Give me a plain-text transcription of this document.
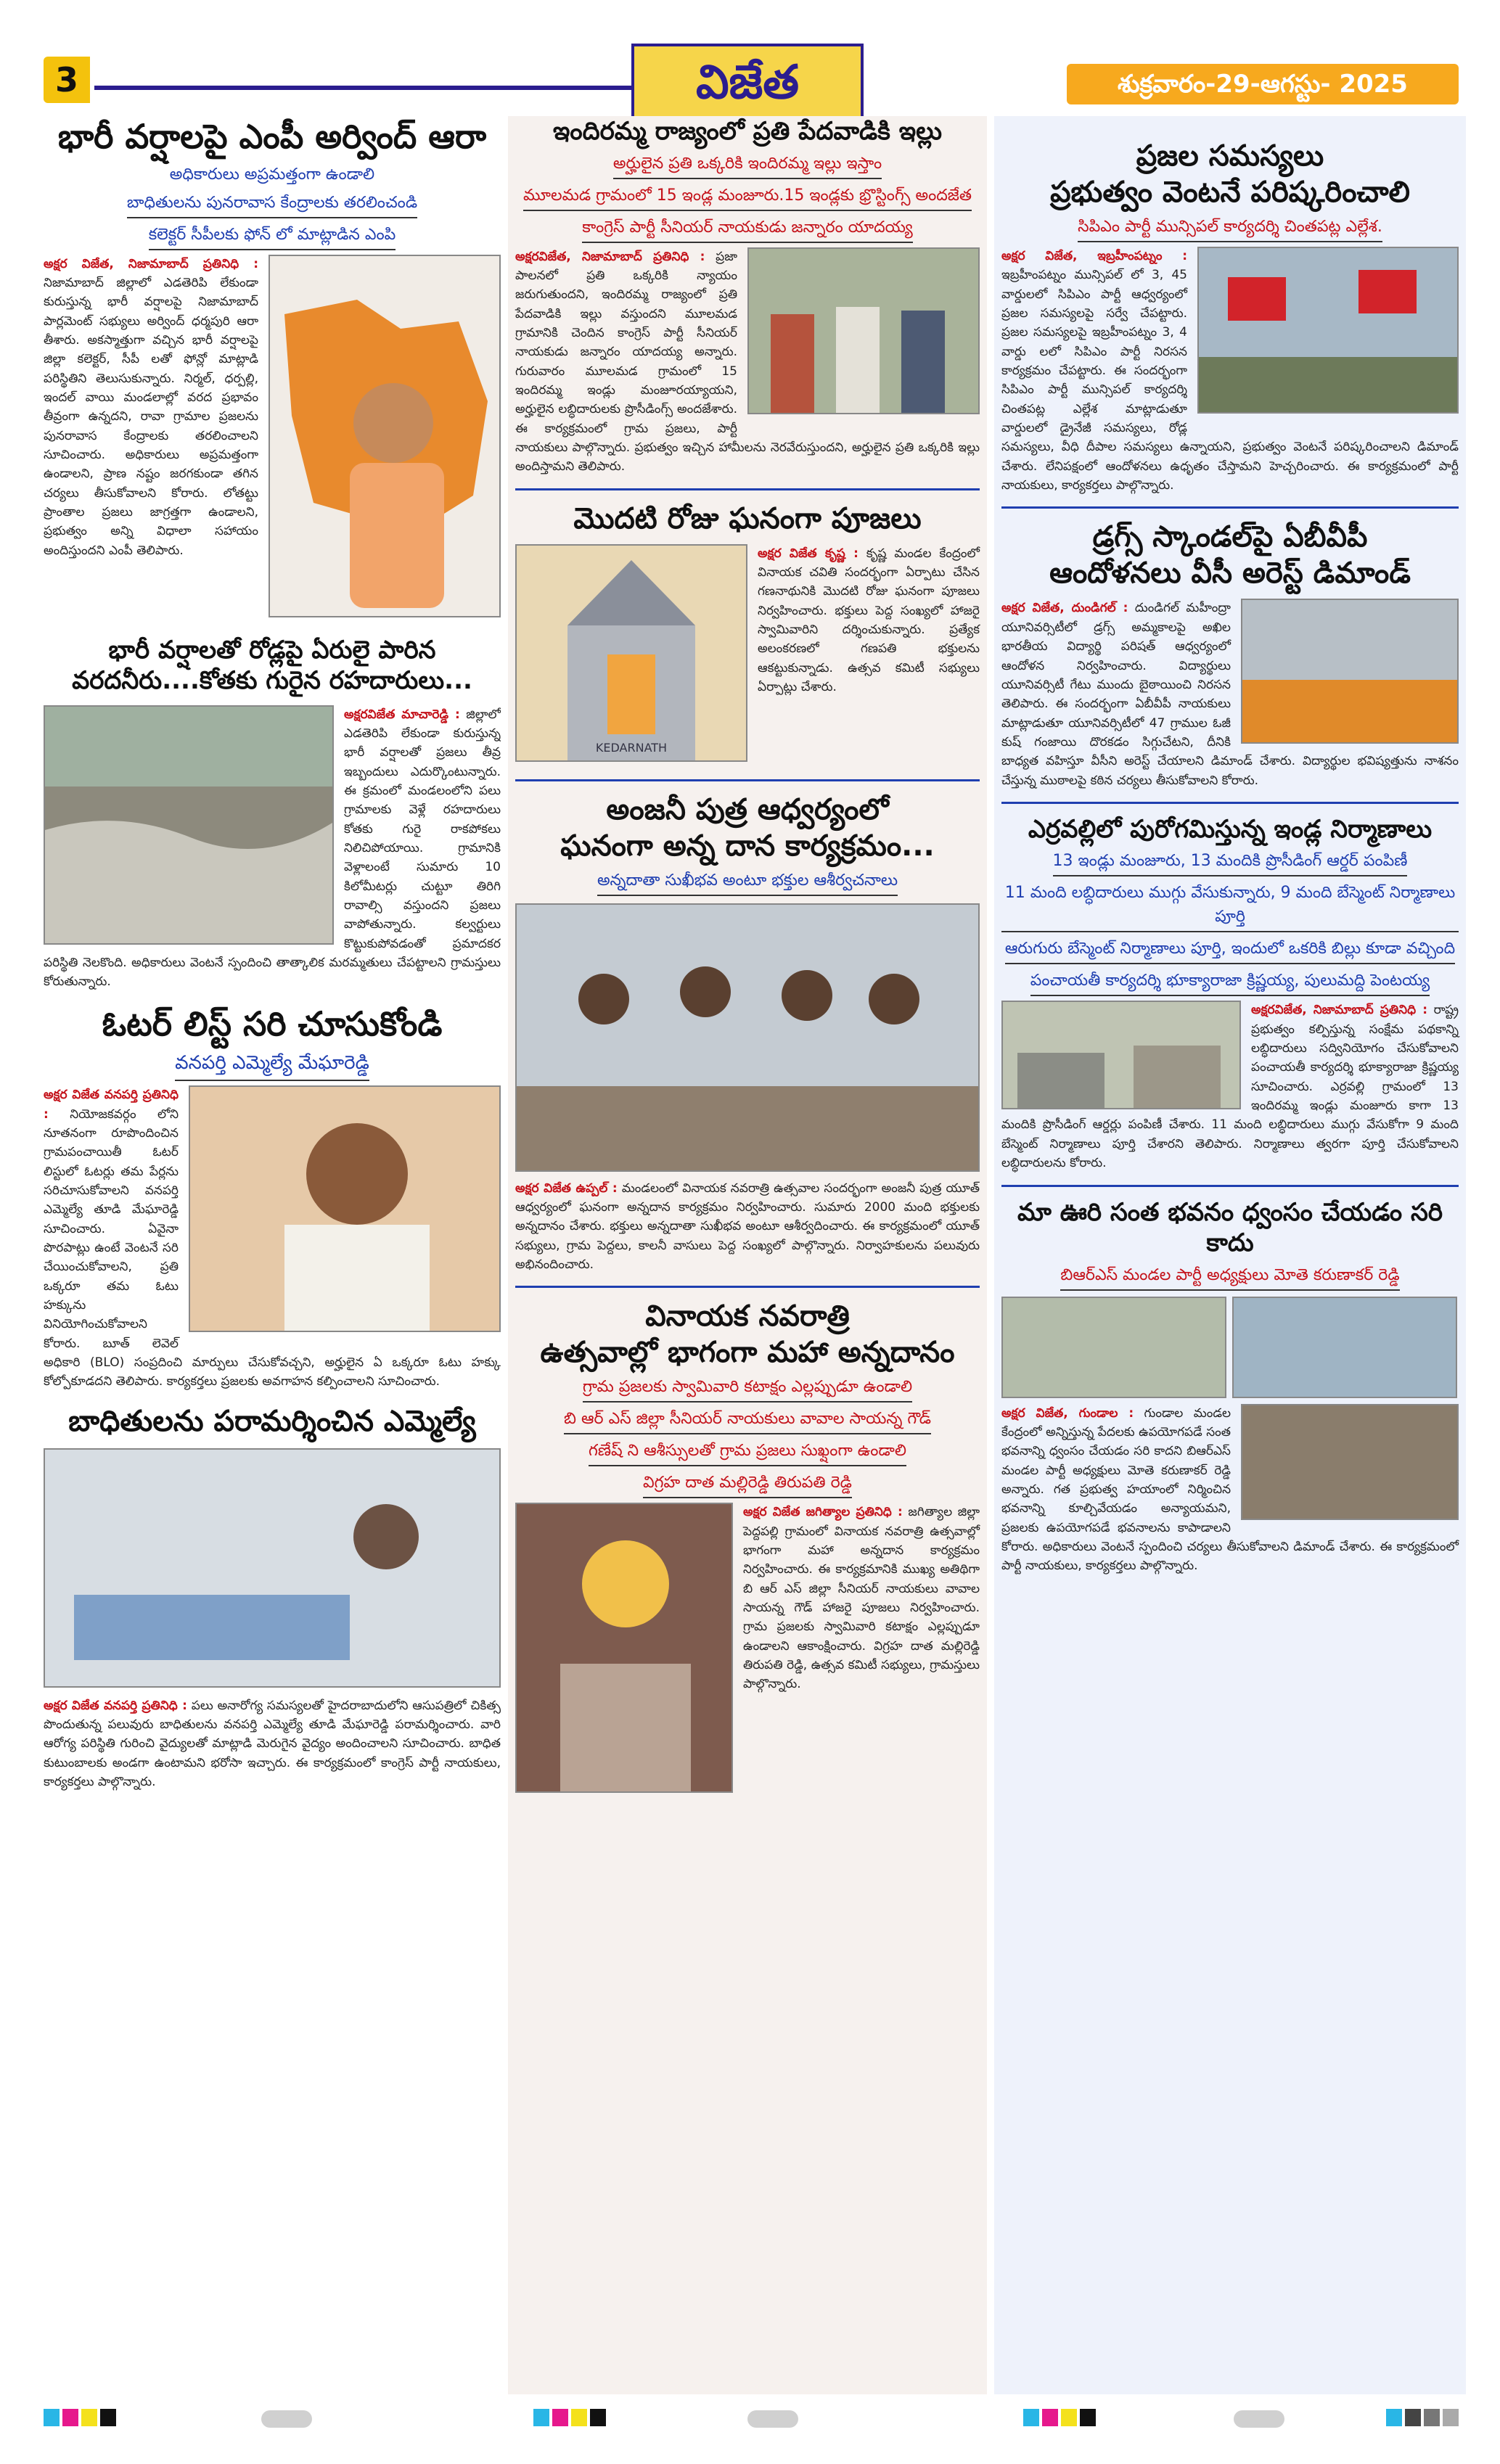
3	విజేత	శుక్రవారం-29-ఆగస్టు- 2025
భారీ వర్షాలపై ఎంపీ అర్వింద్ ఆరా
అధికారులు అప్రమత్తంగా ఉండాలి
బాధితులను పునరావాస కేంద్రాలకు తరలించండి
కలెక్టర్ సీపీలకు ఫోన్ లో మాట్లాడిన ఎంపి
అక్షర విజేత, నిజామాబాద్ ప్రతినిధి : నిజామాబాద్ జిల్లాలో ఎడతెరిపి లేకుండా కురుస్తున్న భారీ వర్షాలపై నిజామాబాద్ పార్లమెంట్ సభ్యులు అర్వింద్ ధర్మపురి ఆరా తీశారు. అకస్మాత్తుగా వచ్చిన భారీ వర్షాలపై జిల్లా కలెక్టర్, సీపీ లతో ఫోన్లో మాట్లాడి పరిస్థితిని తెలుసుకున్నారు. నిర్మల్, ధర్పల్లి, ఇందల్ వాయి మండలాల్లో వరద ప్రభావం తీవ్రంగా ఉన్నదని, రావా గ్రామాల ప్రజలను పునరావాస కేంద్రాలకు తరలించాలని సూచించారు. అధికారులు అప్రమత్తంగా ఉండాలని, ప్రాణ నష్టం జరగకుండా తగిన చర్యలు తీసుకోవాలని కోరారు. లోతట్టు ప్రాంతాల ప్రజలు జాగ్రత్తగా ఉండాలని, ప్రభుత్వం అన్ని విధాలా సహాయం అందిస్తుందని ఎంపీ తెలిపారు.
భారీ వర్షాలతో రోడ్లపై ఏరులై పారిన
వరదనీరు....కోతకు గురైన రహదారులు...
అక్షరవిజేత మాచారెడ్డి : జిల్లాలో ఎడతెరిపి లేకుండా కురుస్తున్న భారీ వర్షాలతో ప్రజలు తీవ్ర ఇబ్బందులు ఎదుర్కొంటున్నారు. ఈ క్రమంలో మండలంలోని పలు గ్రామాలకు వెళ్లే రహదారులు కోతకు గురై రాకపోకలు నిలిచిపోయాయి. గ్రామానికి వెళ్లాలంటే సుమారు 10 కిలోమీటర్లు చుట్టూ తిరిగి రావాల్సి వస్తుందని ప్రజలు వాపోతున్నారు. కల్వర్టులు కొట్టుకుపోవడంతో ప్రమాదకర పరిస్థితి నెలకొంది. అధికారులు వెంటనే స్పందించి తాత్కాలిక మరమ్మతులు చేపట్టాలని గ్రామస్తులు కోరుతున్నారు.
ఓటర్ లిస్ట్ సరి చూసుకోండి
వనపర్తి ఎమ్మెల్యే మేఘారెడ్డి
అక్షర విజేత వనపర్తి ప్రతినిధి : నియోజకవర్గం లోని నూతనంగా రూపొందించిన గ్రామపంచాయితీ ఓటర్ లిస్టులో ఓటర్లు తమ పేర్లను సరిచూసుకోవాలని వనపర్తి ఎమ్మెల్యే తూడి మేఘారెడ్డి సూచించారు. ఏవైనా పొరపాట్లు ఉంటే వెంటనే సరి చేయించుకోవాలని, ప్రతి ఒక్కరూ తమ ఓటు హక్కును వినియోగించుకోవాలని కోరారు. బూత్ లెవెల్ అధికారి (BLO) సంప్రదించి మార్పులు చేసుకోవచ్చని, అర్హులైన ఏ ఒక్కరూ ఓటు హక్కు కోల్పోకూడదని తెలిపారు. కార్యకర్తలు ప్రజలకు అవగాహన కల్పించాలని సూచించారు.
బాధితులను పరామర్శించిన ఎమ్మెల్యే
అక్షర విజేత వనపర్తి ప్రతినిధి : పలు అనారోగ్య సమస్యలతో హైదరాబాదులోని ఆసుపత్రిలో చికిత్స పొందుతున్న పలువురు బాధితులను వనపర్తి ఎమ్మెల్యే తూడి మేఘారెడ్డి పరామర్శించారు. వారి ఆరోగ్య పరిస్థితి గురించి వైద్యులతో మాట్లాడి మెరుగైన వైద్యం అందించాలని సూచించారు. బాధిత కుటుంబాలకు అండగా ఉంటామని భరోసా ఇచ్చారు. ఈ కార్యక్రమంలో కాంగ్రెస్ పార్టీ నాయకులు, కార్యకర్తలు పాల్గొన్నారు.
ఇందిరమ్మ రాజ్యంలో ప్రతి పేదవాడికి ఇల్లు
అర్హులైన ప్రతి ఒక్కరికి ఇందిరమ్మ ఇల్లు ఇస్తాం
మూలమడ గ్రామంలో 15 ఇండ్ల మంజూరు.15 ఇండ్లకు భ్రొస్టింగ్స్ అందజేత
కాంగ్రెస్ పార్టీ సీనియర్ నాయకుడు జన్నారం యాదయ్య
అక్షరవిజేత, నిజామాబాద్ ప్రతినిధి : ప్రజా పాలనలో ప్రతి ఒక్కరికి న్యాయం జరుగుతుందని, ఇందిరమ్మ రాజ్యంలో ప్రతి పేదవాడికి ఇల్లు వస్తుందని మూలమడ గ్రామానికి చెందిన కాంగ్రెస్ పార్టీ సీనియర్ నాయకుడు జన్నారం యాదయ్య అన్నారు. గురువారం మూలమడ గ్రామంలో 15 ఇందిరమ్మ ఇండ్లు మంజూరయ్యాయని, అర్హులైన లబ్ధిదారులకు ప్రొసీడింగ్స్ అందజేశారు. ఈ కార్యక్రమంలో గ్రామ ప్రజలు, పార్టీ నాయకులు పాల్గొన్నారు. ప్రభుత్వం ఇచ్చిన హామీలను నెరవేరుస్తుందని, అర్హులైన ప్రతి ఒక్కరికి ఇల్లు అందిస్తామని తెలిపారు.
మొదటి రోజు ఘనంగా పూజలు
KEDARNATH
అక్షర విజేత కృష్ణ : కృష్ణ మండల కేంద్రంలో వినాయక చవితి సందర్భంగా ఏర్పాటు చేసిన గణనాథునికి మొదటి రోజు ఘనంగా పూజలు నిర్వహించారు. భక్తులు పెద్ద సంఖ్యలో హాజరై స్వామివారిని దర్శించుకున్నారు. ప్రత్యేక అలంకరణలో గణపతి భక్తులను ఆకట్టుకున్నాడు. ఉత్సవ కమిటీ సభ్యులు ఏర్పాట్లు చేశారు.
అంజనీ పుత్ర ఆధ్వర్యంలో
ఘనంగా అన్న దాన కార్యక్రమం...
అన్నదాతా సుఖీభవ అంటూ భక్తుల ఆశీర్వచనాలు
అక్షర విజేత ఉప్పల్ : మండలంలో వినాయక నవరాత్రి ఉత్సవాల సందర్భంగా అంజనీ పుత్ర యూత్ ఆధ్వర్యంలో ఘనంగా అన్నదాన కార్యక్రమం నిర్వహించారు. సుమారు 2000 మంది భక్తులకు అన్నదానం చేశారు. భక్తులు అన్నదాతా సుఖీభవ అంటూ ఆశీర్వదించారు. ఈ కార్యక్రమంలో యూత్ సభ్యులు, గ్రామ పెద్దలు, కాలనీ వాసులు పెద్ద సంఖ్యలో పాల్గొన్నారు. నిర్వాహకులను పలువురు అభినందించారు.
వినాయక నవరాత్రి
ఉత్సవాల్లో భాగంగా మహా అన్నదానం
గ్రామ ప్రజలకు స్వామివారి కటాక్షం ఎల్లప్పుడూ ఉండాలి
బి ఆర్ ఎస్ జిల్లా సీనియర్ నాయకులు వావాల సాయన్న గౌడ్
గణేష్ ని ఆశీస్సులతో గ్రామ ప్రజలు సుఖ్షంగా ఉండాలి
విగ్రహ దాత మల్లిరెడ్డి తిరుపతి రెడ్డి
అక్షర విజేత జగిత్యాల ప్రతినిధి : జగిత్యాల జిల్లా పెద్దపల్లి గ్రామంలో వినాయక నవరాత్రి ఉత్సవాల్లో భాగంగా మహా అన్నదాన కార్యక్రమం నిర్వహించారు. ఈ కార్యక్రమానికి ముఖ్య అతిథిగా బి ఆర్ ఎస్ జిల్లా సీనియర్ నాయకులు వావాల సాయన్న గౌడ్ హాజరై పూజలు నిర్వహించారు. గ్రామ ప్రజలకు స్వామివారి కటాక్షం ఎల్లప్పుడూ ఉండాలని ఆకాంక్షించారు. విగ్రహ దాత మల్లిరెడ్డి తిరుపతి రెడ్డి, ఉత్సవ కమిటీ సభ్యులు, గ్రామస్తులు పాల్గొన్నారు.
ప్రజల సమస్యలు
ప్రభుత్వం వెంటనే పరిష్కరించాలి
సిపిఎం పార్టీ మున్సిపల్ కార్యదర్శి చింతపట్ల ఎల్లేశ.
అక్షర విజేత, ఇబ్రహీంపట్నం : ఇబ్రహీంపట్నం మున్సిపల్ లో 3, 45 వార్డులలో సిపిఎం పార్టీ ఆధ్వర్యంలో ప్రజల సమస్యలపై సర్వే చేపట్టారు. ప్రజల సమస్యలపై ఇబ్రహీంపట్నం 3, 4 వార్డు లలో సిపిఎం పార్టీ నిరసన కార్యక్రమం చేపట్టారు. ఈ సందర్భంగా సిపిఎం పార్టీ మున్సిపల్ కార్యదర్శి చింతపట్ల ఎల్లేశ మాట్లాడుతూ వార్డులలో డ్రైనేజీ సమస్యలు, రోడ్ల సమస్యలు, వీధి దీపాల సమస్యలు ఉన్నాయని, ప్రభుత్వం వెంటనే పరిష్కరించాలని డిమాండ్ చేశారు. లేనిపక్షంలో ఆందోళనలు ఉధృతం చేస్తామని హెచ్చరించారు. ఈ కార్యక్రమంలో పార్టీ నాయకులు, కార్యకర్తలు పాల్గొన్నారు.
డ్రగ్స్ స్కాండల్‌పై ఏబీవీపీ
ఆందోళనలు వీసీ అరెస్ట్ డిమాండ్
అక్షర విజేత, దుండిగల్ : దుండిగల్ మహీంద్రా యూనివర్సిటీలో డ్రగ్స్ అమ్మకాలపై అఖిల భారతీయ విద్యార్థి పరిషత్ ఆధ్వర్యంలో ఆందోళన నిర్వహించారు. విద్యార్థులు యూనివర్సిటీ గేటు ముందు బైఠాయించి నిరసన తెలిపారు. ఈ సందర్భంగా ఏబీవీపీ నాయకులు మాట్లాడుతూ యూనివర్సిటీలో 47 గ్రాముల ఓజీ కుష్ గంజాయి దొరకడం సిగ్గుచేటని, దీనికి బాధ్యత వహిస్తూ వీసీని అరెస్ట్ చేయాలని డిమాండ్ చేశారు. విద్యార్థుల భవిష్యత్తును నాశనం చేస్తున్న ముఠాలపై కఠిన చర్యలు తీసుకోవాలని కోరారు.
ఎర్రవల్లిలో పురోగమిస్తున్న ఇండ్ల నిర్మాణాలు
13 ఇండ్లు మంజూరు, 13 మందికి ప్రొసీడింగ్ ఆర్డర్ పంపిణీ
11 మంది లబ్ధిదారులు ముగ్గు వేసుకున్నారు, 9 మంది బేస్మెంట్ నిర్మాణాలు పూర్తి
ఆరుగురు బేస్మెంట్ నిర్మాణాలు పూర్తి, ఇందులో ఒకరికి బిల్లు కూడా వచ్చింది
పంచాయతీ కార్యదర్శి భూక్యారాజా క్రిష్ణయ్య, పులుమద్ది పెంటయ్య
అక్షరవిజేత, నిజామాబాద్ ప్రతినిధి : రాష్ట్ర ప్రభుత్వం కల్పిస్తున్న సంక్షేమ పథకాన్ని లబ్ధిదారులు సద్వినియోగం చేసుకోవాలని పంచాయతీ కార్యదర్శి భూక్యారాజా క్రిష్ణయ్య సూచించారు. ఎర్రవల్లి గ్రామంలో 13 ఇందిరమ్మ ఇండ్లు మంజూరు కాగా 13 మందికి ప్రొసీడింగ్ ఆర్డర్లు పంపిణీ చేశారు. 11 మంది లబ్ధిదారులు ముగ్గు వేసుకోగా 9 మంది బేస్మెంట్ నిర్మాణాలు పూర్తి చేశారని తెలిపారు. నిర్మాణాలు త్వరగా పూర్తి చేసుకోవాలని లబ్ధిదారులను కోరారు.
మా ఊరి సంత భవనం ధ్వంసం చేయడం సరి కాదు
బిఆర్ఎస్ మండల పార్టీ అధ్యక్షులు మోతె కరుణాకర్ రెడ్డి
అక్షర విజేత, గుండాల : గుండాల మండల కేంద్రంలో అన్నిస్తున్న పేదలకు ఉపయోగపడే సంత భవనాన్ని ధ్వంసం చేయడం సరి కాదని బిఆర్ఎస్ మండల పార్టీ అధ్యక్షులు మోతె కరుణాకర్ రెడ్డి అన్నారు. గత ప్రభుత్వ హయాంలో నిర్మించిన భవనాన్ని కూల్చివేయడం అన్యాయమని, ప్రజలకు ఉపయోగపడే భవనాలను కాపాడాలని కోరారు. అధికారులు వెంటనే స్పందించి చర్యలు తీసుకోవాలని డిమాండ్ చేశారు. ఈ కార్యక్రమంలో పార్టీ నాయకులు, కార్యకర్తలు పాల్గొన్నారు.
